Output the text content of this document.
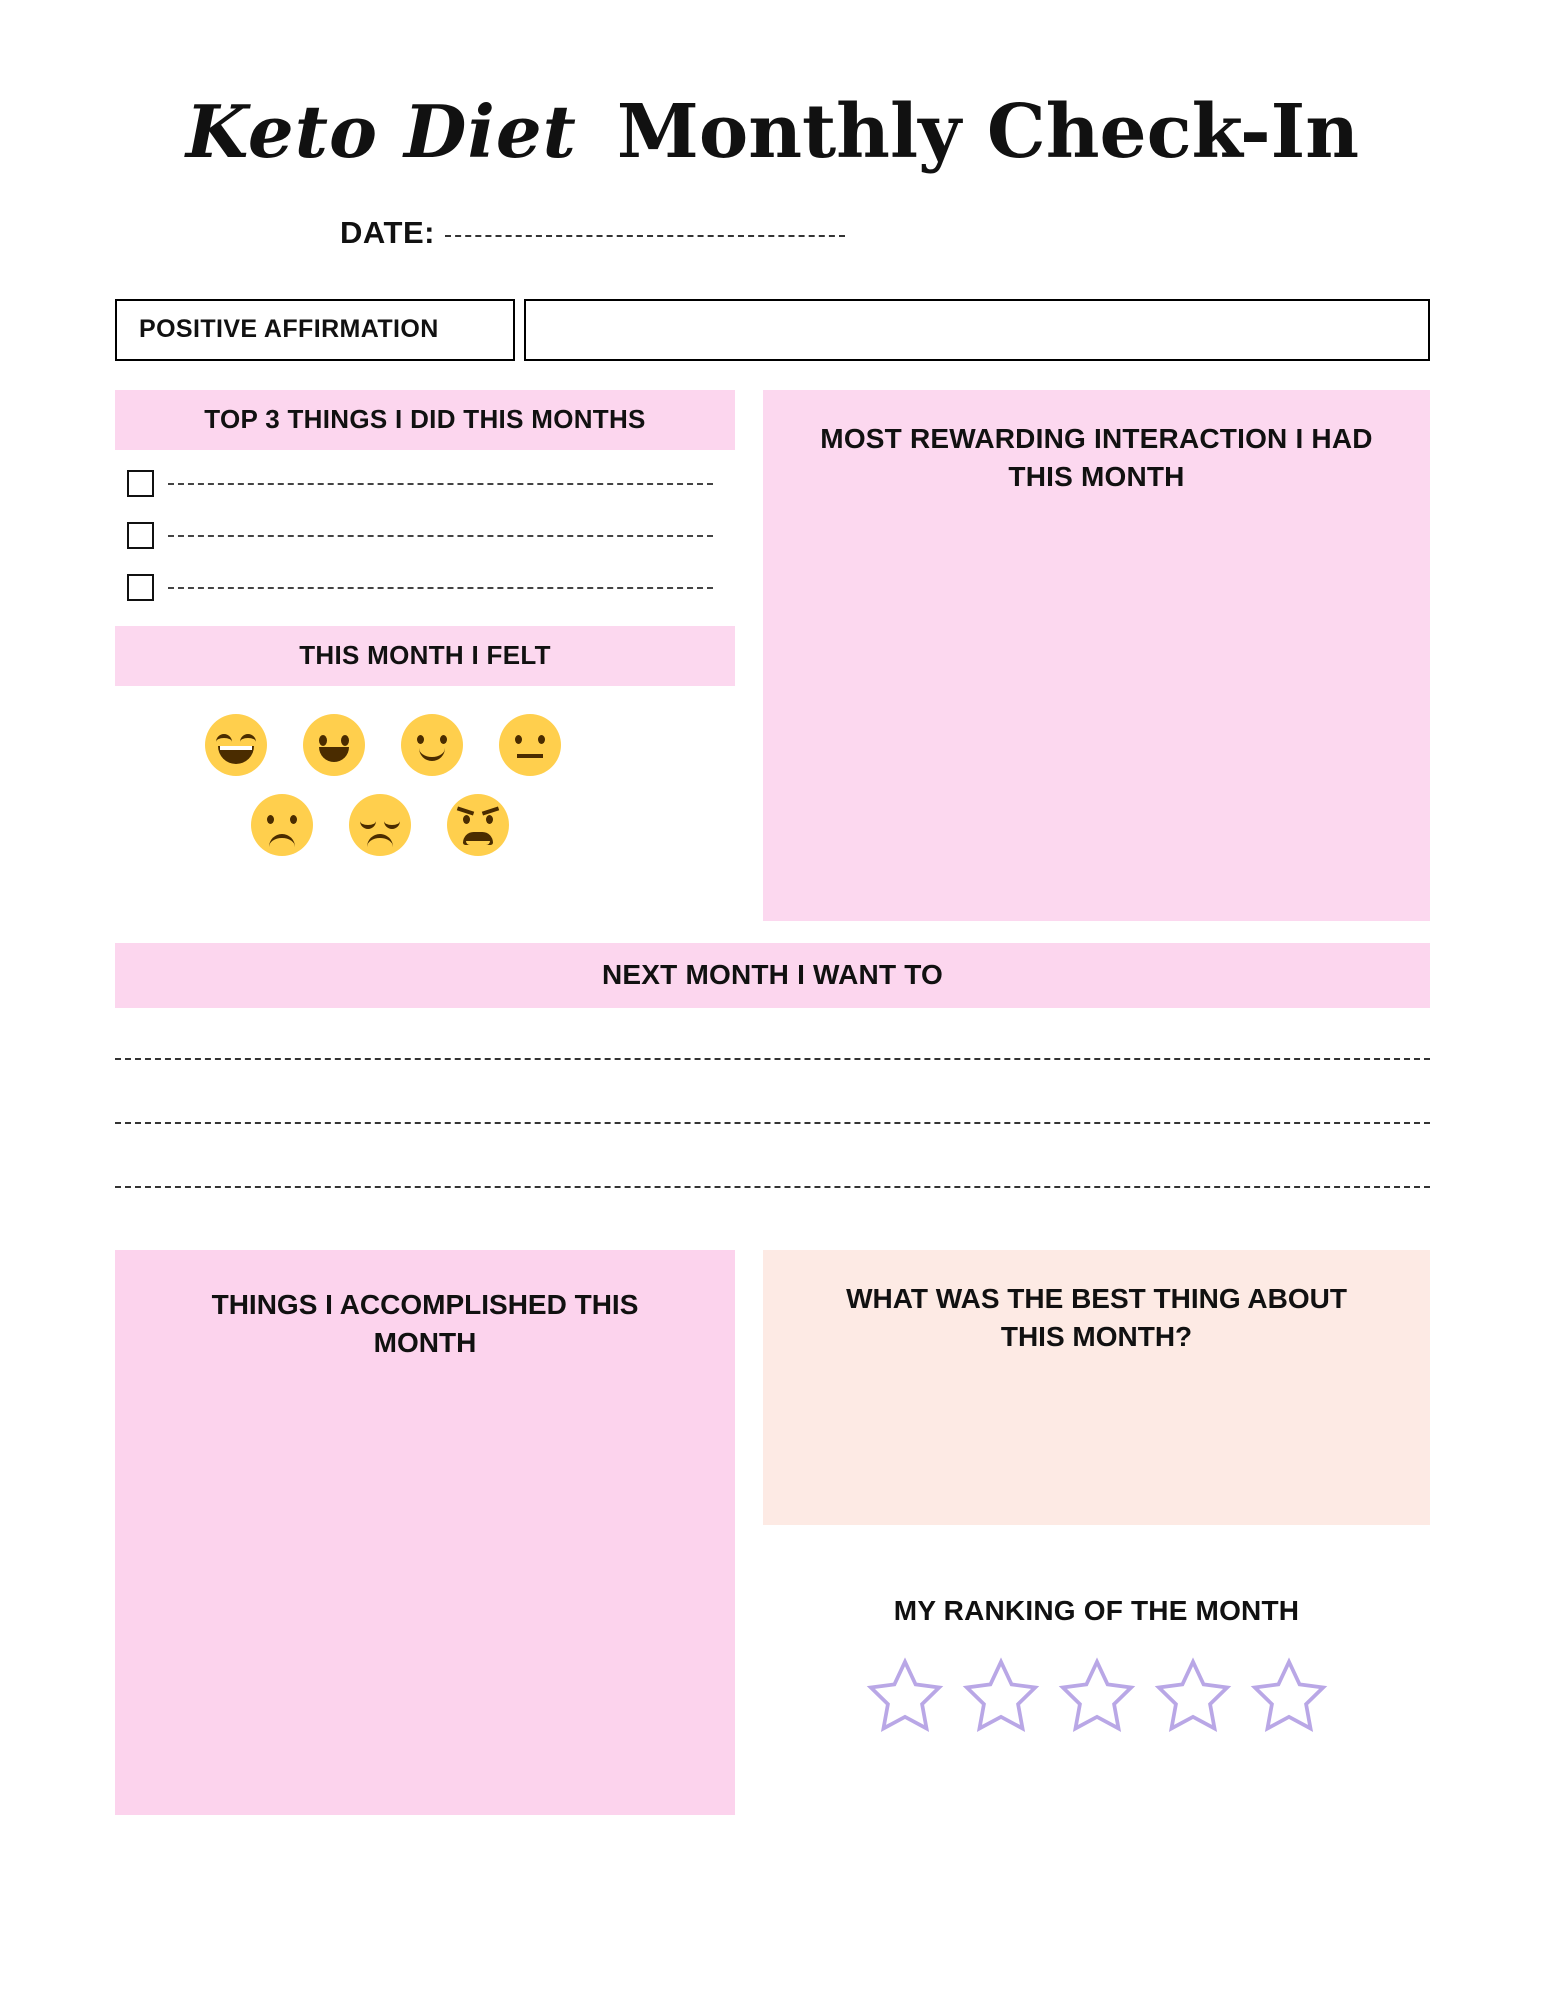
Keto Diet Monthly Check-In
DATE:
POSITIVE AFFIRMATION
TOP 3 THINGS I DID THIS MONTHS
THIS MONTH I FELT
MOST REWARDING INTERACTION I HAD THIS MONTH
NEXT MONTH I WANT TO
THINGS I ACCOMPLISHED THIS MONTH
WHAT WAS THE BEST THING ABOUT THIS MONTH?
MY RANKING OF THE MONTH
